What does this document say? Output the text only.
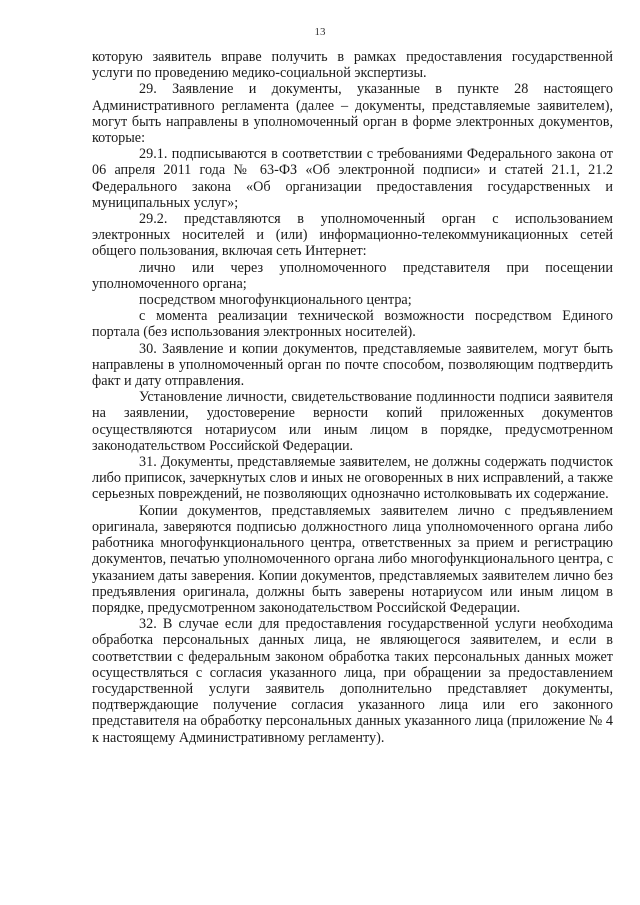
13

которую заявитель вправе получить в рамках предоставления государственной услуги по проведению медико-социальной экспертизы.

29. Заявление и документы, указанные в пункте 28 настоящего Административного регламента (далее – документы, представляемые заявителем), могут быть направлены в уполномоченный орган в форме электронных документов, которые:

29.1. подписываются в соответствии с требованиями Федерального закона от 06 апреля 2011 года № 63-ФЗ «Об электронной подписи» и статей 21.1, 21.2 Федерального закона «Об организации предоставления государственных и муниципальных услуг»;

29.2. представляются в уполномоченный орган с использованием электронных носителей и (или) информационно-телекоммуникационных сетей общего пользования, включая сеть Интернет:

лично или через уполномоченного представителя при посещении уполномоченного органа;

посредством многофункционального центра;

с момента реализации технической возможности посредством Единого портала (без использования электронных носителей).

30. Заявление и копии документов, представляемые заявителем, могут быть направлены в уполномоченный орган по почте способом, позволяющим подтвердить факт и дату отправления.

Установление личности, свидетельствование подлинности подписи заявителя на заявлении, удостоверение верности копий приложенных документов осуществляются нотариусом или иным лицом в порядке, предусмотренном законодательством Российской Федерации.

31. Документы, представляемые заявителем, не должны содержать подчисток либо приписок, зачеркнутых слов и иных не оговоренных в них исправлений, а также серьезных повреждений, не позволяющих однозначно истолковывать их содержание.

Копии документов, представляемых заявителем лично с предъявлением оригинала, заверяются подписью должностного лица уполномоченного органа либо работника многофункционального центра, ответственных за прием и регистрацию документов, печатью уполномоченного органа либо многофункционального центра, с указанием даты заверения. Копии документов, представляемых заявителем лично без предъявления оригинала, должны быть заверены нотариусом или иным лицом в порядке, предусмотренном законодательством Российской Федерации.

32. В случае если для предоставления государственной услуги необходима обработка персональных данных лица, не являющегося заявителем, и если в соответствии с федеральным законом обработка таких персональных данных может осуществляться с согласия указанного лица, при обращении за предоставлением государственной услуги заявитель дополнительно представляет документы, подтверждающие получение согласия указанного лица или его законного представителя на обработку персональных данных указанного лица (приложение № 4 к настоящему Административному регламенту).
